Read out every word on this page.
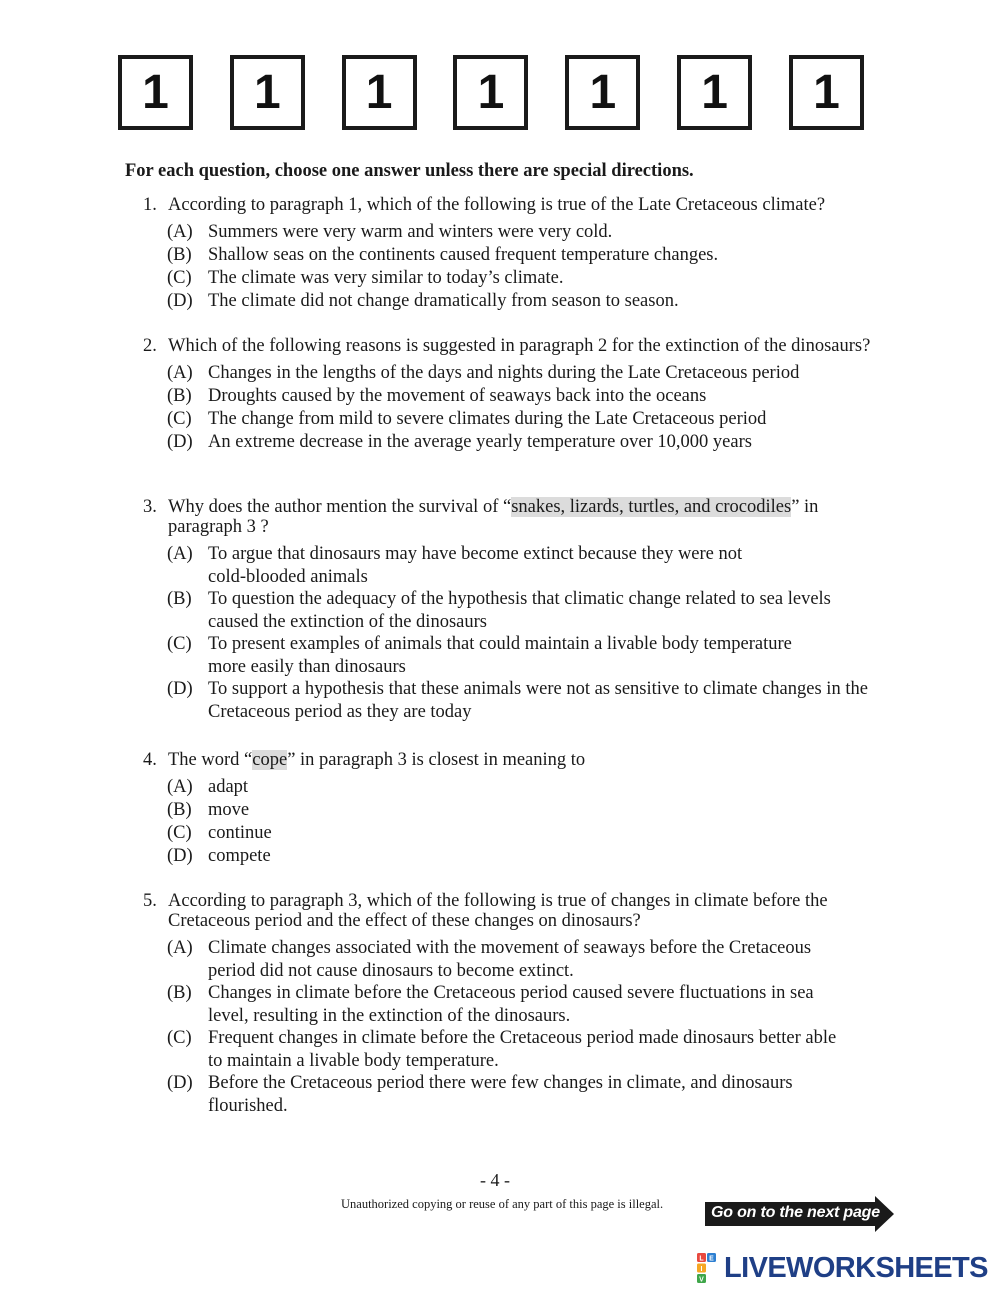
1	1	1	1	1	1	1
For each question, choose one answer unless there are special directions.
1. According to paragraph 1, which of the following is true of the Late Cretaceous climate?
(A) Summers were very warm and winters were very cold.
(B) Shallow seas on the continents caused frequent temperature changes.
(C) The climate was very similar to today’s climate.
(D) The climate did not change dramatically from season to season.
2. Which of the following reasons is suggested in paragraph 2 for the extinction of the dinosaurs?
(A) Changes in the lengths of the days and nights during the Late Cretaceous period
(B) Droughts caused by the movement of seaways back into the oceans
(C) The change from mild to severe climates during the Late Cretaceous period
(D) An extreme decrease in the average yearly temperature over 10,000 years
3. Why does the author mention the survival of “snakes, lizards, turtles, and crocodiles” in paragraph 3 ?
(A) To argue that dinosaurs may have become extinct because they were not cold-blooded animals
(B) To question the adequacy of the hypothesis that climatic change related to sea levels caused the extinction of the dinosaurs
(C) To present examples of animals that could maintain a livable body temperature more easily than dinosaurs
(D) To support a hypothesis that these animals were not as sensitive to climate changes in the Cretaceous period as they are today
4. The word “cope” in paragraph 3 is closest in meaning to
(A) adapt
(B) move
(C) continue
(D) compete
5. According to paragraph 3, which of the following is true of changes in climate before the Cretaceous period and the effect of these changes on dinosaurs?
(A) Climate changes associated with the movement of seaways before the Cretaceous period did not cause dinosaurs to become extinct.
(B) Changes in climate before the Cretaceous period caused severe fluctuations in sea level, resulting in the extinction of the dinosaurs.
(C) Frequent changes in climate before the Cretaceous period made dinosaurs better able to maintain a livable body temperature.
(D) Before the Cretaceous period there were few changes in climate, and dinosaurs flourished.
- 4 -
Unauthorized copying or reuse of any part of this page is illegal.	Go on to the next page
L
I
V
E LIVEWORKSHEETS
